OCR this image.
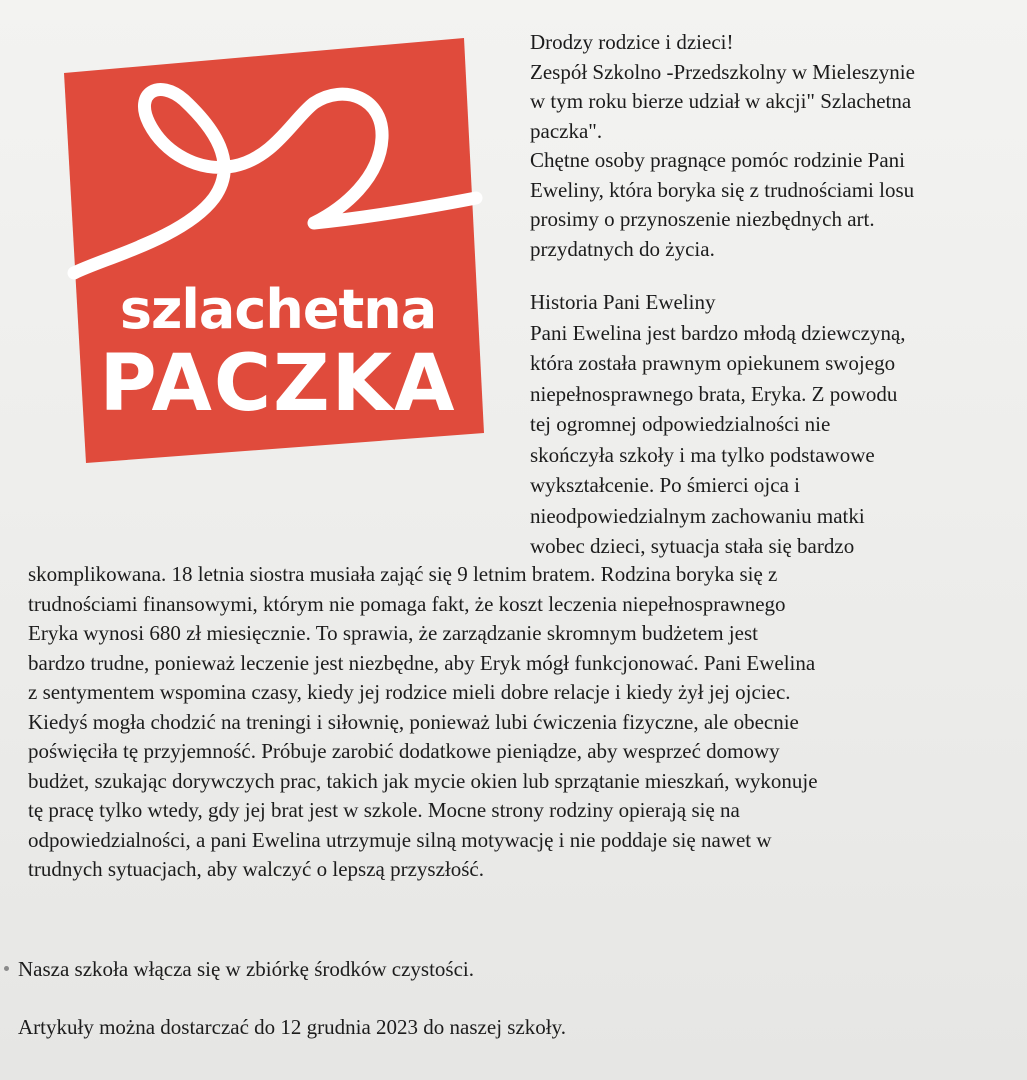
szlachetna
PACZKA

Drodzy rodzice i dzieci!

Zespół Szkolno -Przedszkolny w Mieleszynie

w tym roku bierze udział w akcji" Szlachetna

paczka".

Chętne osoby pragnące pomóc rodzinie Pani

Eweliny, która boryka się z trudnościami losu

prosimy o przynoszenie niezbędnych art.

przydatnych do życia.

Historia Pani Eweliny

Pani Ewelina jest bardzo młodą dziewczyną,

która została prawnym opiekunem swojego

niepełnosprawnego brata, Eryka. Z powodu

tej ogromnej odpowiedzialności nie

skończyła szkoły i ma tylko podstawowe

wykształcenie. Po śmierci ojca i

nieodpowiedzialnym zachowaniu matki

wobec dzieci, sytuacja stała się bardzo

skomplikowana. 18 letnia siostra musiała zająć się 9 letnim bratem. Rodzina boryka się z

trudnościami finansowymi, którym nie pomaga fakt, że koszt leczenia niepełnosprawnego

Eryka wynosi 680 zł miesięcznie. To sprawia, że zarządzanie skromnym budżetem jest

bardzo trudne, ponieważ leczenie jest niezbędne, aby Eryk mógł funkcjonować. Pani Ewelina

z sentymentem wspomina czasy, kiedy jej rodzice mieli dobre relacje i kiedy żył jej ojciec.

Kiedyś mogła chodzić na treningi i siłownię, ponieważ lubi ćwiczenia fizyczne, ale obecnie

poświęciła tę przyjemność. Próbuje zarobić dodatkowe pieniądze, aby wesprzeć domowy

budżet, szukając dorywczych prac, takich jak mycie okien lub sprzątanie mieszkań, wykonuje

tę pracę tylko wtedy, gdy jej brat jest w szkole. Mocne strony rodziny opierają się na

odpowiedzialności, a pani Ewelina utrzymuje silną motywację i nie poddaje się nawet w

trudnych sytuacjach, aby walczyć o lepszą przyszłość.

Nasza szkoła włącza się w zbiórkę środków czystości.
Artykuły można dostarczać do 12 grudnia 2023 do naszej szkoły.
